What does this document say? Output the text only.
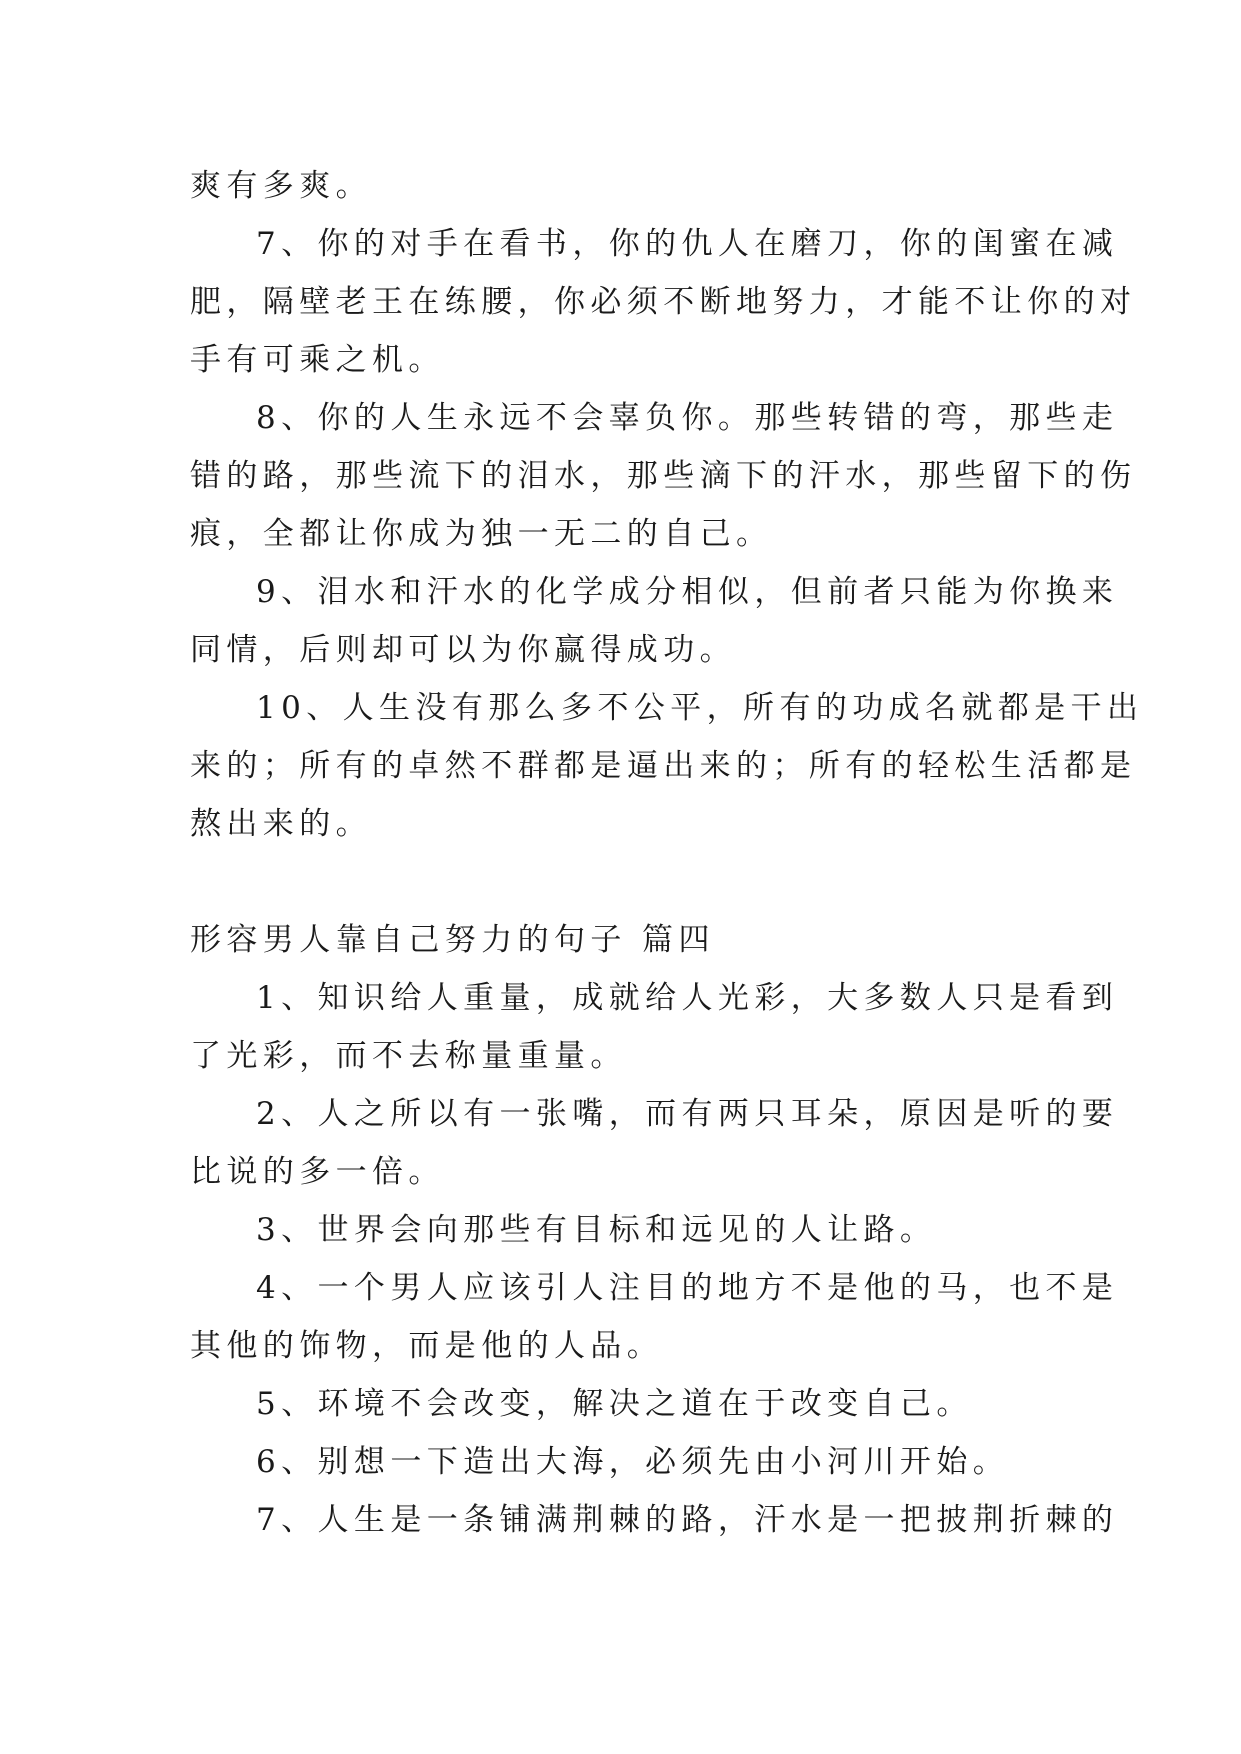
爽有多爽。
7、你的对手在看书，你的仇人在磨刀，你的闺蜜在减
肥，隔壁老王在练腰，你必须不断地努力，才能不让你的对
手有可乘之机。
8、你的人生永远不会辜负你。那些转错的弯，那些走
错的路，那些流下的泪水，那些滴下的汗水，那些留下的伤
痕，全都让你成为独一无二的自己。
9、泪水和汗水的化学成分相似，但前者只能为你换来
同情，后则却可以为你赢得成功。
10、人生没有那么多不公平，所有的功成名就都是干出
来的；所有的卓然不群都是逼出来的；所有的轻松生活都是
熬出来的。
形容男人靠自己努力的句子 篇四
1、知识给人重量，成就给人光彩，大多数人只是看到
了光彩，而不去称量重量。
2、人之所以有一张嘴，而有两只耳朵，原因是听的要
比说的多一倍。
3、世界会向那些有目标和远见的人让路。
4、一个男人应该引人注目的地方不是他的马，也不是
其他的饰物，而是他的人品。
5、环境不会改变，解决之道在于改变自己。
6、别想一下造出大海，必须先由小河川开始。
7、人生是一条铺满荆棘的路，汗水是一把披荆折棘的
